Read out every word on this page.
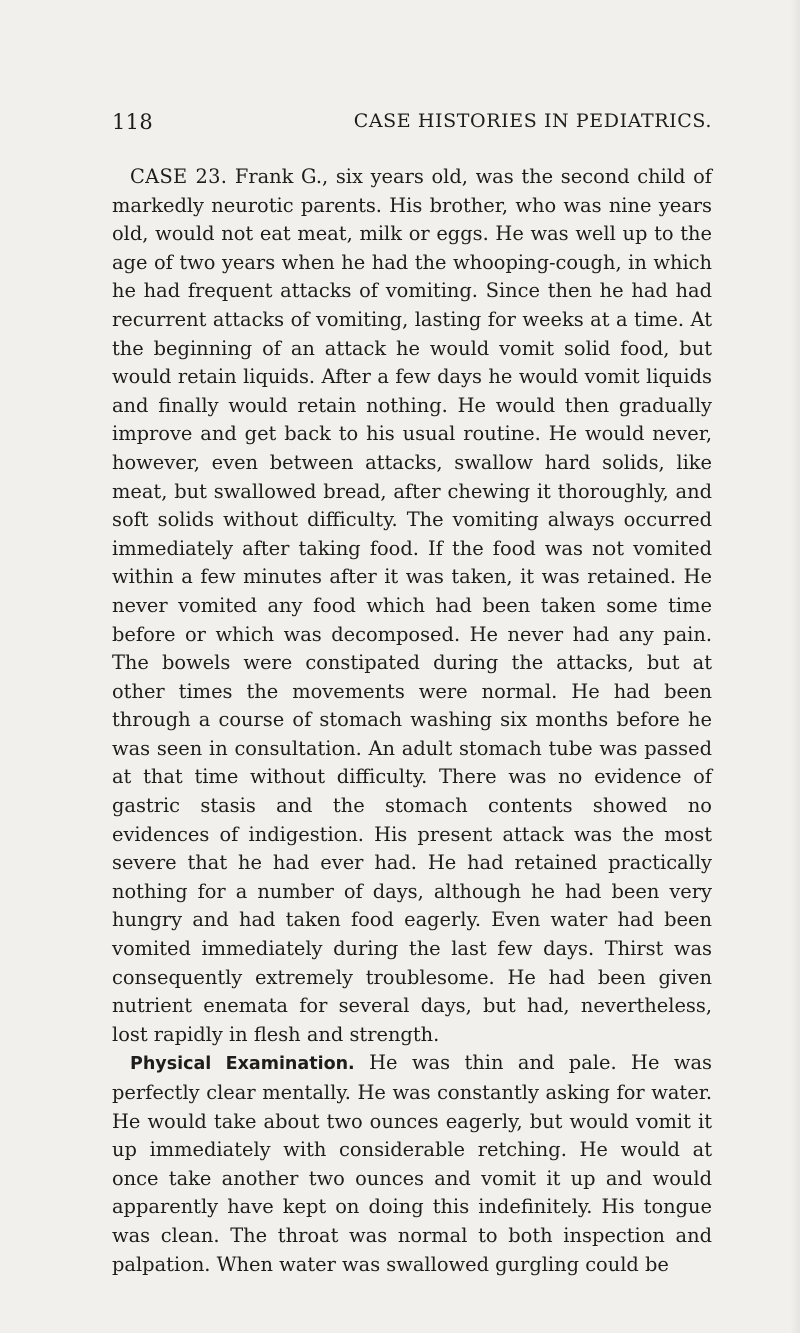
118	CASE HISTORIES IN PEDIATRICS.

CASE 23. Frank G., six years old, was the second child of markedly neurotic parents. His brother, who was nine years old, would not eat meat, milk or eggs. He was well up to the age of two years when he had the whooping-cough, in which he had frequent attacks of vomiting. Since then he had had recurrent attacks of vomiting, lasting for weeks at a time. At the beginning of an attack he would vomit solid food, but would retain liquids. After a few days he would vomit liquids and finally would retain nothing. He would then gradually improve and get back to his usual routine. He would never, however, even between attacks, swallow hard solids, like meat, but swallowed bread, after chewing it thoroughly, and soft solids without difficulty. The vomiting always occurred immediately after taking food. If the food was not vomited within a few minutes after it was taken, it was retained. He never vomited any food which had been taken some time before or which was decomposed. He never had any pain. The bowels were constipated during the attacks, but at other times the movements were normal. He had been through a course of stomach washing six months before he was seen in consultation. An adult stomach tube was passed at that time without difficulty. There was no evidence of gastric stasis and the stomach contents showed no evidences of indigestion. His present attack was the most severe that he had ever had. He had retained practically nothing for a number of days, although he had been very hungry and had taken food eagerly. Even water had been vomited immediately during the last few days. Thirst was consequently extremely troublesome. He had been given nutrient enemata for several days, but had, nevertheless, lost rapidly in flesh and strength.

Physical Examination. He was thin and pale. He was perfectly clear mentally. He was constantly asking for water. He would take about two ounces eagerly, but would vomit it up immediately with considerable retching. He would at once take another two ounces and vomit it up and would apparently have kept on doing this indefinitely. His tongue was clean. The throat was normal to both inspection and palpation. When water was swallowed gurgling could be
